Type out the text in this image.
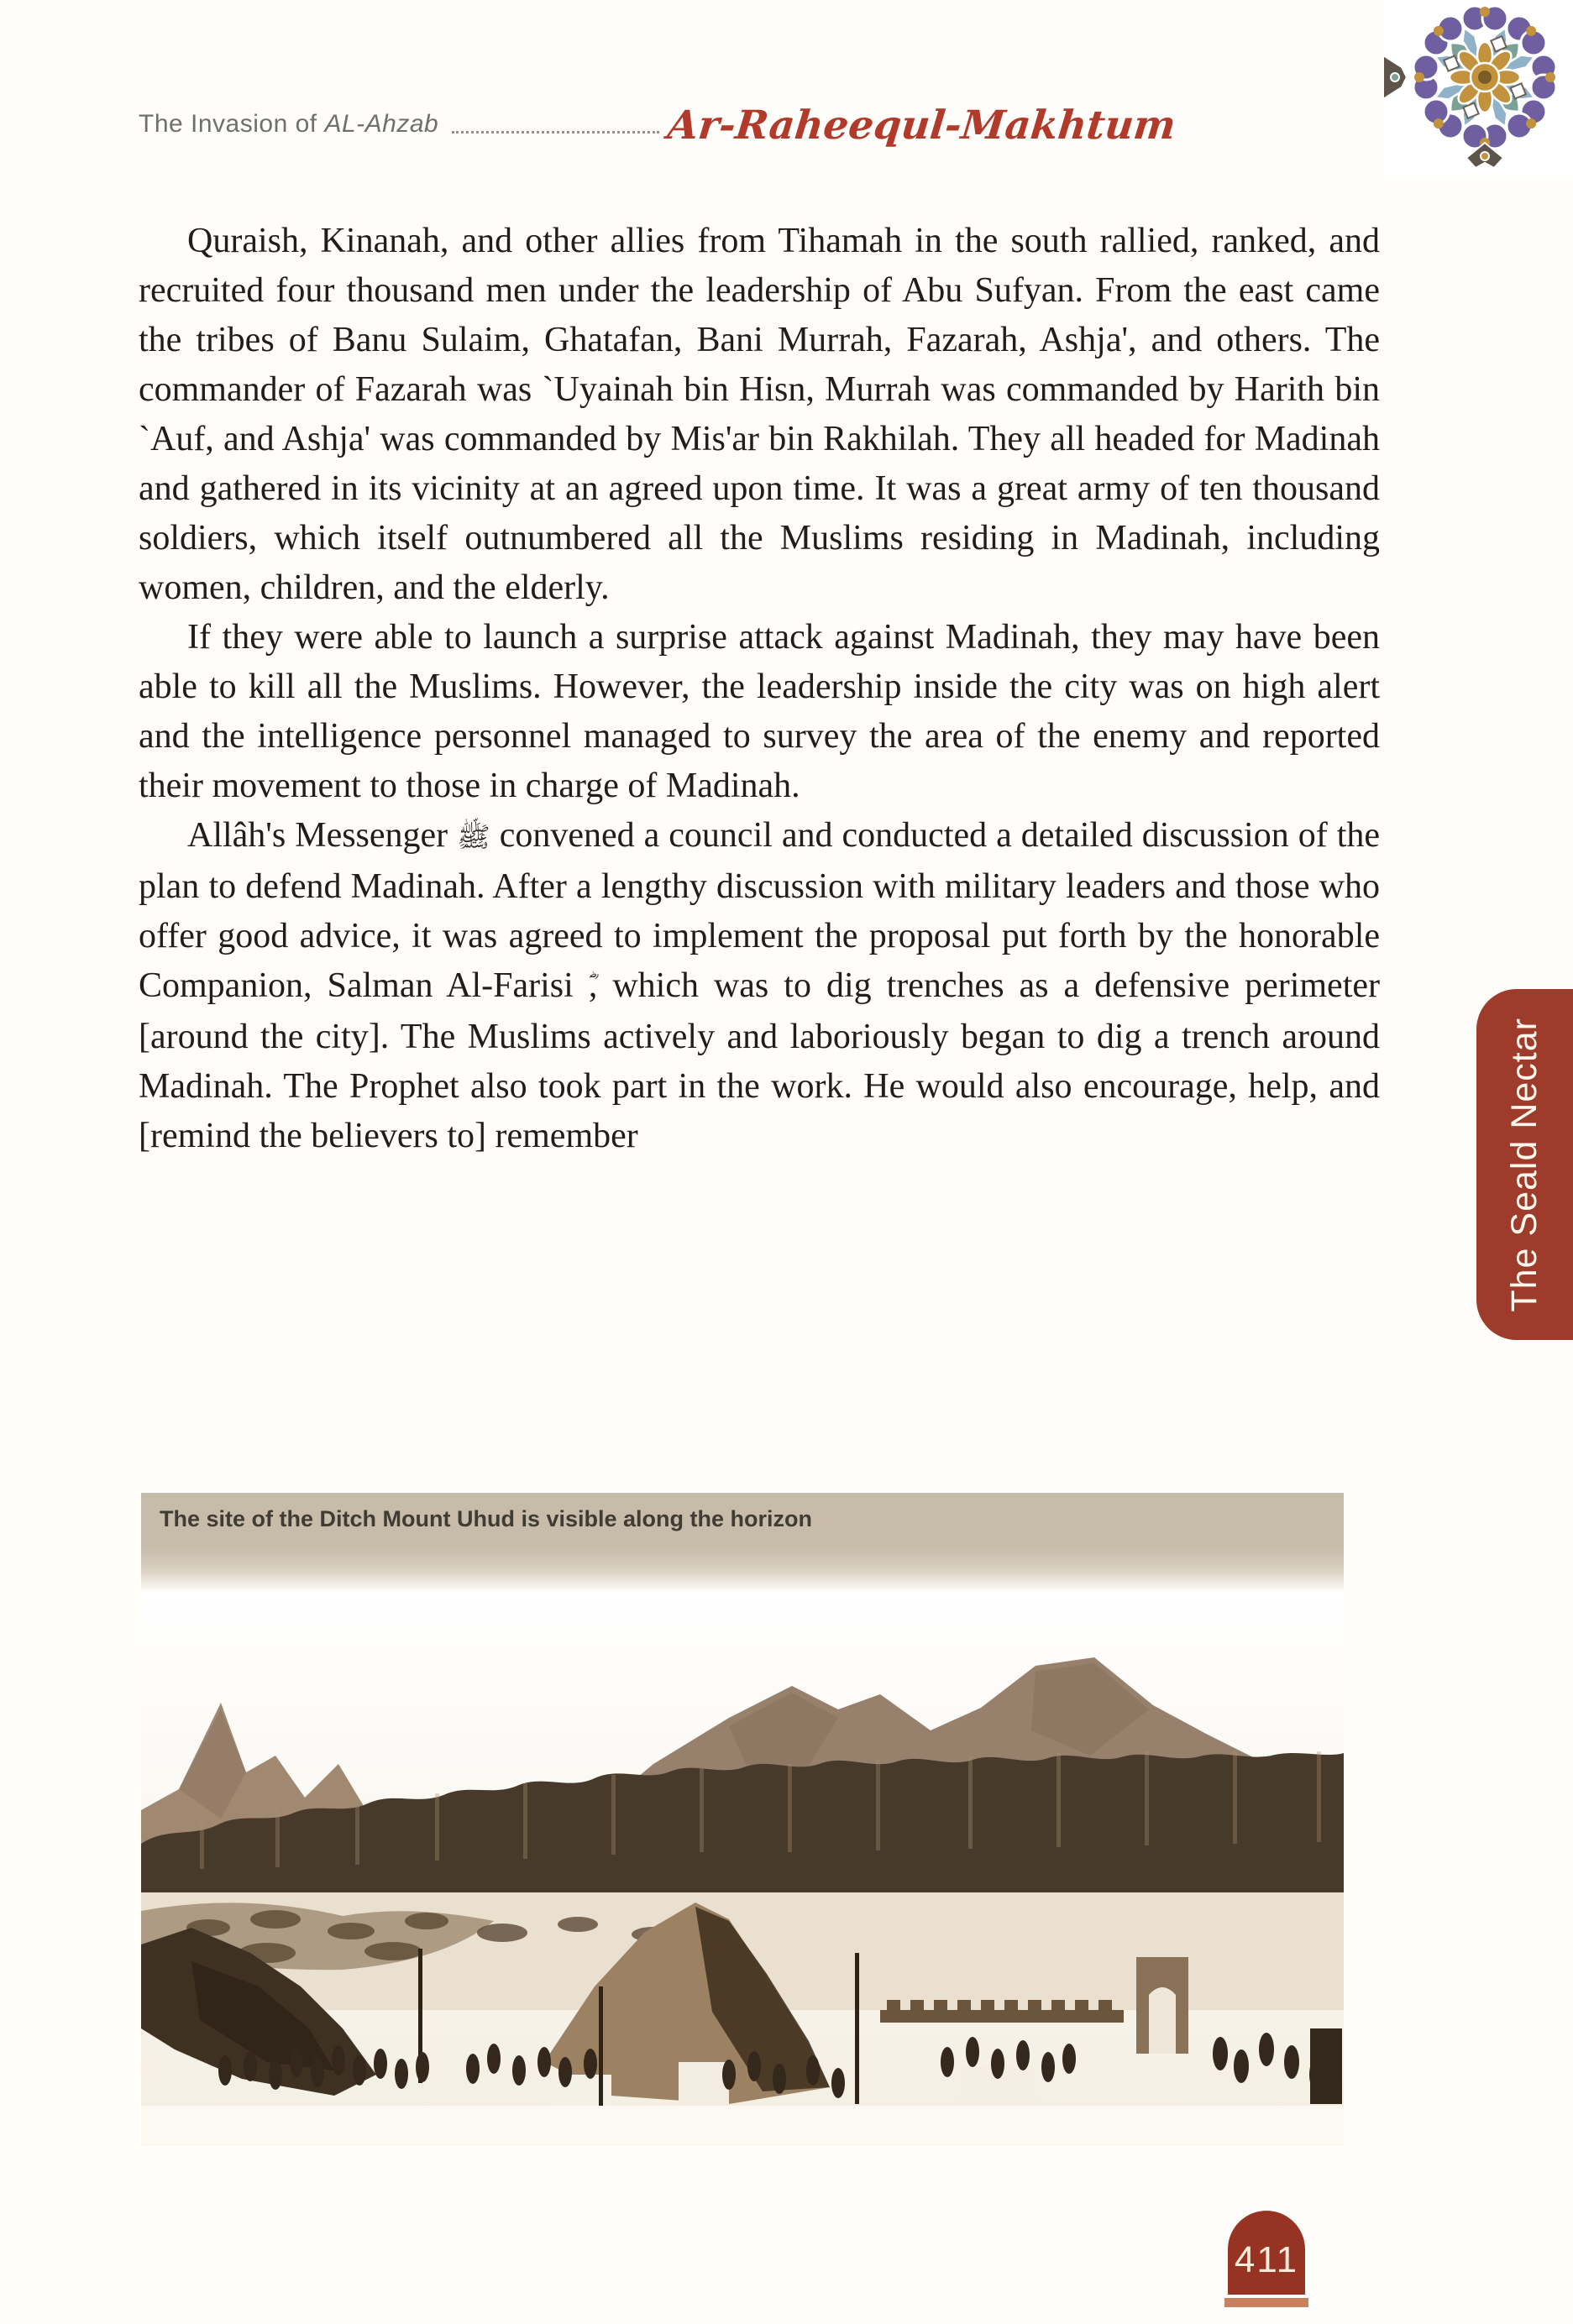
The Invasion of AL-Ahzab	Ar-Raheequl-Makhtum

Quraish, Kinanah, and other allies from Tihamah in the south rallied, ranked, and recruited four thousand men under the leadership of Abu Sufyan. From the east came the tribes of Banu Sulaim, Ghatafan, Bani Murrah, Fazarah, Ashja', and others. The commander of Fazarah was `Uyainah bin Hisn, Murrah was commanded by Harith bin `Auf, and Ashja' was commanded by Mis'ar bin Rakhilah. They all headed for Madinah and gathered in its vicinity at an agreed upon time. It was a great army of ten thousand soldiers, which itself outnumbered all the Muslims residing in Madinah, including women, children, and the elderly.

If they were able to launch a surprise attack against Madinah, they may have been able to kill all the Muslims. However, the leadership inside the city was on high alert and the intelligence personnel managed to survey the area of the enemy and reported their movement to those in charge of Madinah.

Allâh's Messenger ﷺ convened a council and conducted a detailed discussion of the plan to defend Madinah. After a lengthy discussion with military leaders and those who offer good advice, it was agreed to implement the proposal put forth by the honorable Companion, Salman Al-Farisi , which was to dig trenches as a defensive perimeter [around the city]. The Muslims actively and laboriously began to dig a trench around Madinah. The Prophet also took part in the work. He would also encourage, help, and [remind the believers to] remember	The Seald Nectar
The site of the Ditch Mount Uhud is visible along the horizon
411
